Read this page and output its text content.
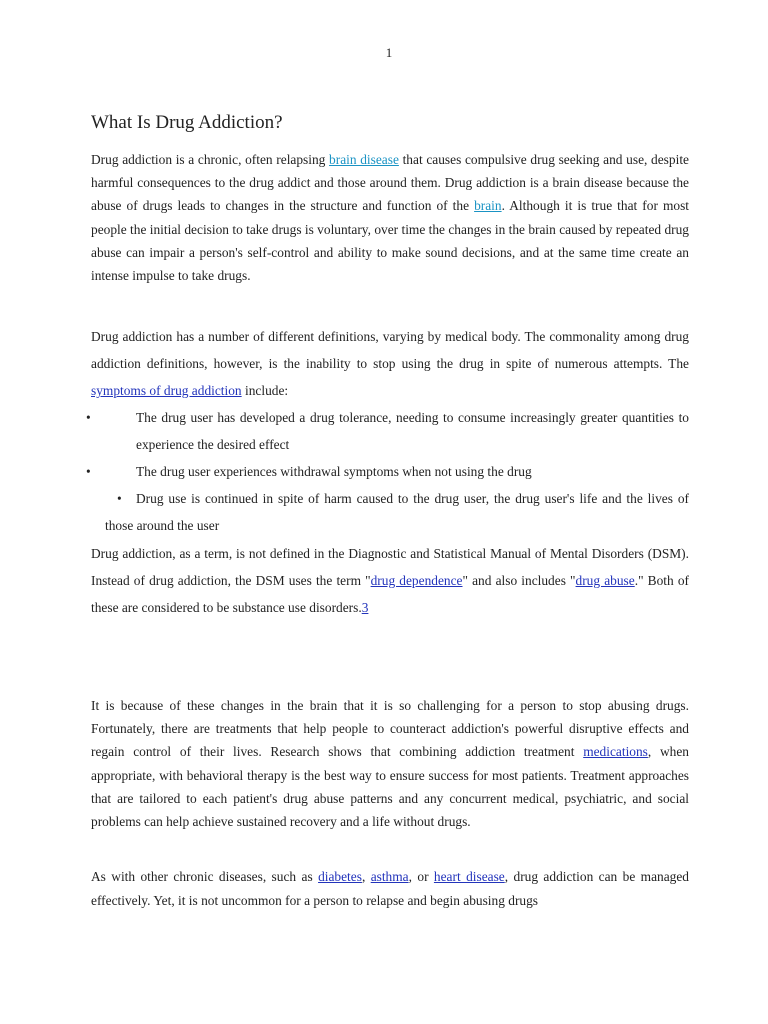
1
What Is Drug Addiction?

Drug addiction is a chronic, often relapsing brain disease that causes compulsive drug seeking and use, despite harmful consequences to the drug addict and those around them. Drug addiction is a brain disease because the abuse of drugs leads to changes in the structure and function of the brain. Although it is true that for most people the initial decision to take drugs is voluntary, over time the changes in the brain caused by repeated drug abuse can impair a person's self-control and ability to make sound decisions, and at the same time create an intense impulse to take drugs.

Drug addiction has a number of different definitions, varying by medical body. The commonality among drug addiction definitions, however, is the inability to stop using the drug in spite of numerous attempts. The symptoms of drug addiction include:

•	The drug user has developed a drug tolerance, needing to consume increasingly greater quantities to experience the desired effect
•	The drug user experiences withdrawal symptoms when not using the drug
• Drug use is continued in spite of harm caused to the drug user, the drug user's life and the lives of those around the user

Drug addiction, as a term, is not defined in the Diagnostic and Statistical Manual of Mental Disorders (DSM). Instead of drug addiction, the DSM uses the term "drug dependence" and also includes "drug abuse." Both of these are considered to be substance use disorders.3

It is because of these changes in the brain that it is so challenging for a person to stop abusing drugs. Fortunately, there are treatments that help people to counteract addiction's powerful disruptive effects and regain control of their lives. Research shows that combining addiction treatment medications, when appropriate, with behavioral therapy is the best way to ensure success for most patients. Treatment approaches that are tailored to each patient's drug abuse patterns and any concurrent medical, psychiatric, and social problems can help achieve sustained recovery and a life without drugs.

As with other chronic diseases, such as diabetes, asthma, or heart disease, drug addiction can be managed effectively. Yet, it is not uncommon for a person to relapse and begin abusing drugs
